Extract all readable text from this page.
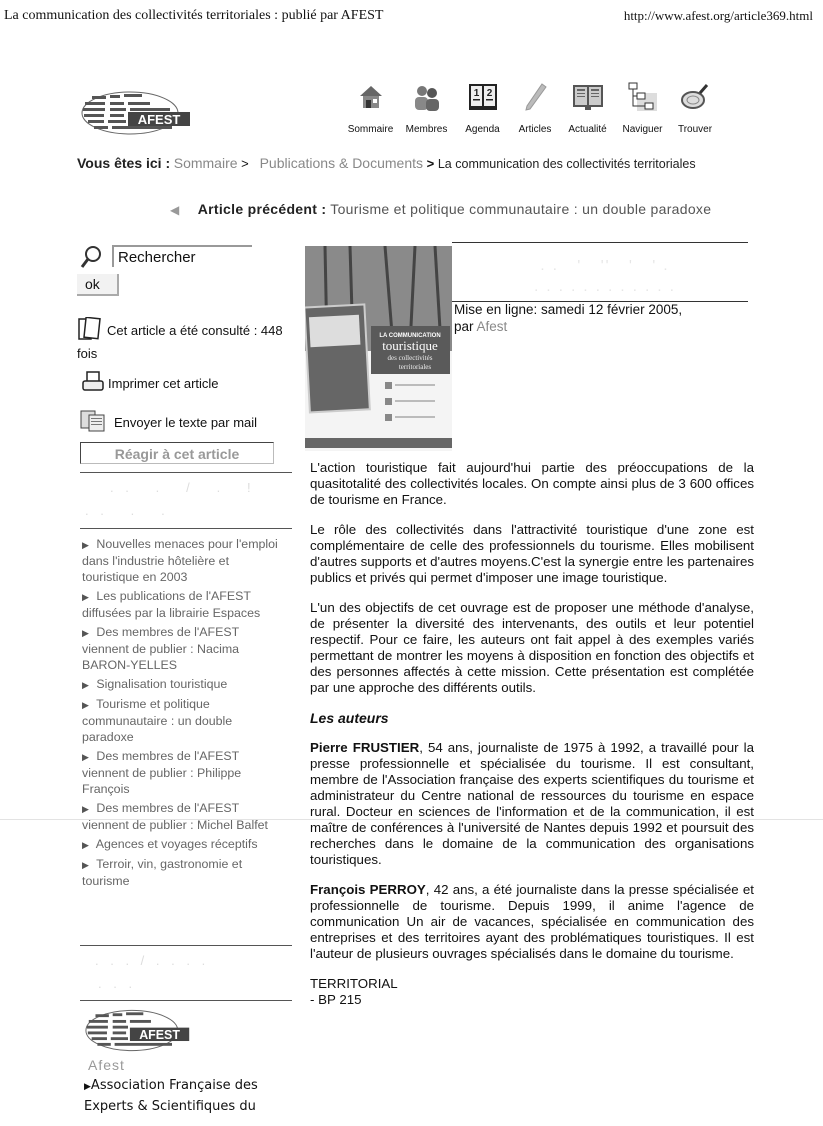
La communication des collectivités territoriales : publié par AFEST	http://www.afest.org/article369.html
AFEST
Sommaire Membres
1 2
Agenda Articles Actualité Naviguer Trouver
Vous êtes ici : Sommaire > Publications & Documents > La communication des collectivités territoriales
◀ Article précédent : Tourisme et politique communautaire : un double paradoxe
Rechercher
ok
Cet article a été consulté : 448 fois
Imprimer cet article
Envoyer le texte par mail
Réagir à cet article
. .   .   /   .   !
. .   .   .
▶ Nouvelles menaces pour l'emploi dans l'industrie hôtelière et touristique en 2003
▶ Les publications de l'AFEST diffusées par la librairie Espaces
▶ Des membres de l'AFEST viennent de publier : Nacima BARON-YELLES
▶ Signalisation touristique
▶ Tourisme et politique communautaire : un double paradoxe
▶ Des membres de l'AFEST viennent de publier : Philippe François
▶ Des membres de l'AFEST viennent de publier : Michel Balfet
▶ Agences et voyages réceptifs
▶ Terroir, vin, gastronomie et tourisme
. . . / . . . .
. . .
AFEST
Afest
▶Association Française des Experts & Scientifiques du
LA COMMUNICATION
touristique
des collectivités
territoriales
. .   '   ''   '   ' .
. . . . . . . . . . . .
Mise en ligne: samedi 12 février 2005,
par Afest

L'action touristique fait aujourd'hui partie des préoccupations de la quasitotalité des collectivités locales. On compte ainsi plus de 3 600 offices de tourisme en France.

Le rôle des collectivités dans l'attractivité touristique d'une zone est complémentaire de celle des professionnels du tourisme. Elles mobilisent d'autres supports et d'autres moyens.C'est la synergie entre les partenaires publics et privés qui permet d'imposer une image touristique.

L'un des objectifs de cet ouvrage est de proposer une méthode d'analyse, de présenter la diversité des intervenants, des outils et leur potentiel respectif. Pour ce faire, les auteurs ont fait appel à des exemples variés permettant de montrer les moyens à disposition en fonction des objectifs et des personnes affectés à cette mission. Cette présentation est complétée par une approche des différents outils.

Les auteurs

Pierre FRUSTIER, 54 ans, journaliste de 1975 à 1992, a travaillé pour la presse professionnelle et spécialisée du tourisme. Il est consultant, membre de l'Association française des experts scientifiques du tourisme et administrateur du Centre national de ressources du tourisme en espace rural. Docteur en sciences de l'information et de la communication, il est maître de conférences à l'université de Nantes depuis 1992 et poursuit des recherches dans le domaine de la communication des organisations touristiques.

François PERROY, 42 ans, a été journaliste dans la presse spécialisée et professionnelle de tourisme. Depuis 1999, il anime l'agence de communication Un air de vacances, spécialisée en communication des entreprises et des territoires ayant des problématiques touristiques. Il est l'auteur de plusieurs ouvrages spécialisés dans le domaine du tourisme.

TERRITORIAL
- BP 215
